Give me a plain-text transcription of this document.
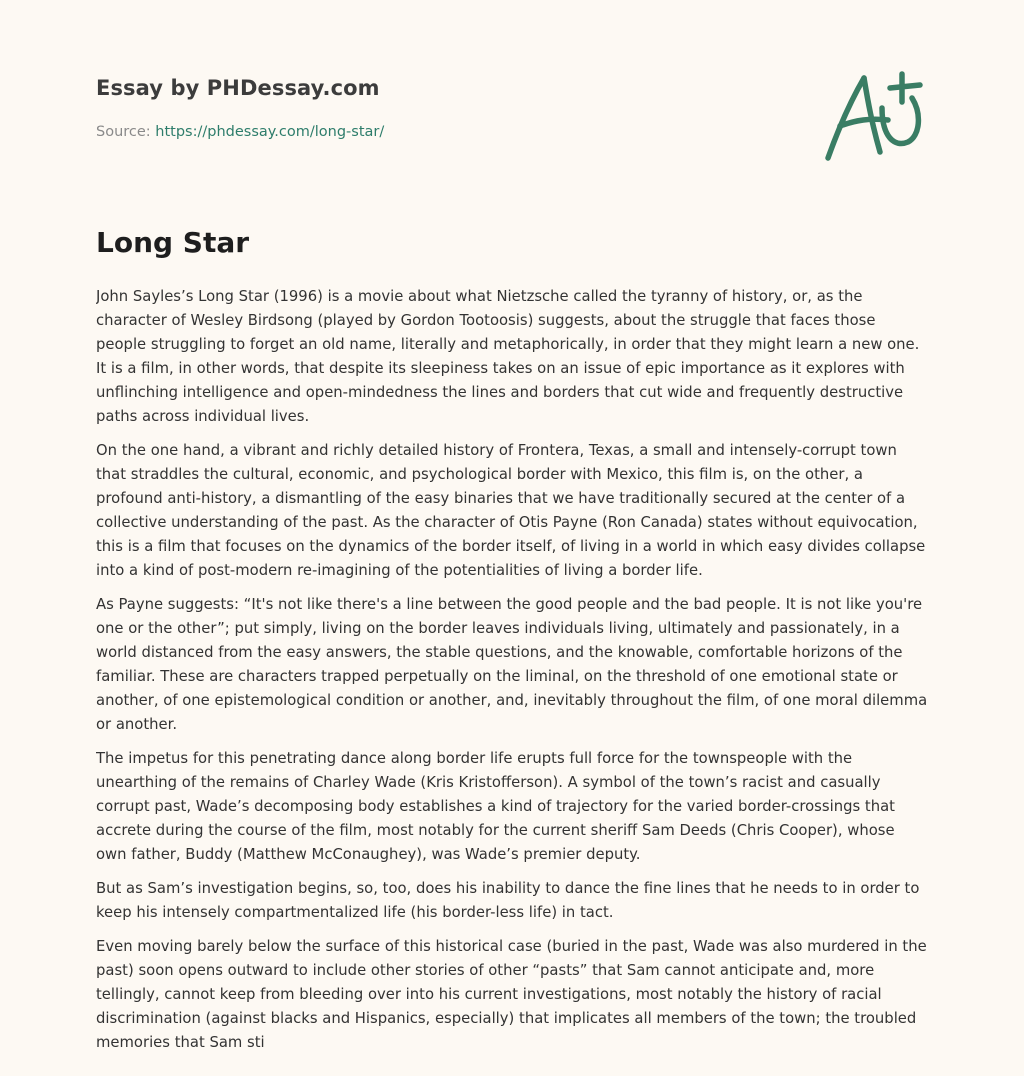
Essay by PHDessay.com
Source: https://phdessay.com/long-star/
Long Star

John Sayles’s Long Star (1996) is a movie about what Nietzsche called the tyranny of history, or, as the character of Wesley Birdsong (played by Gordon Tootoosis) suggests, about the struggle that faces those people struggling to forget an old name, literally and metaphorically, in order that they might learn a new one. It is a film, in other words, that despite its sleepiness takes on an issue of epic importance as it explores with unflinching intelligence and open-mindedness the lines and borders that cut wide and frequently destructive paths across individual lives.

On the one hand, a vibrant and richly detailed history of Frontera, Texas, a small and intensely-corrupt town that straddles the cultural, economic, and psychological border with Mexico, this film is, on the other, a profound anti-history, a dismantling of the easy binaries that we have traditionally secured at the center of a collective understanding of the past. As the character of Otis Payne (Ron Canada) states without equivocation, this is a film that focuses on the dynamics of the border itself, of living in a world in which easy divides collapse into a kind of post-modern re-imagining of the potentialities of living a border life.

As Payne suggests: “It's not like there's a line between the good people and the bad people. It is not like you're one or the other”; put simply, living on the border leaves individuals living, ultimately and passionately, in a world distanced from the easy answers, the stable questions, and the knowable, comfortable horizons of the familiar. These are characters trapped perpetually on the liminal, on the threshold of one emotional state or another, of one epistemological condition or another, and, inevitably throughout the film, of one moral dilemma or another.

The impetus for this penetrating dance along border life erupts full force for the townspeople with the unearthing of the remains of Charley Wade (Kris Kristofferson). A symbol of the town’s racist and casually corrupt past, Wade’s decomposing body establishes a kind of trajectory for the varied border-crossings that accrete during the course of the film, most notably for the current sheriff Sam Deeds (Chris Cooper), whose own father, Buddy (Matthew McConaughey), was Wade’s premier deputy.

But as Sam’s investigation begins, so, too, does his inability to dance the fine lines that he needs to in order to keep his intensely compartmentalized life (his border-less life) in tact.

Even moving barely below the surface of this historical case (buried in the past, Wade was also murdered in the past) soon opens outward to include other stories of other “pasts” that Sam cannot anticipate and, more tellingly, cannot keep from bleeding over into his current investigations, most notably the history of racial discrimination (against blacks and Hispanics, especially) that implicates all members of the town; the troubled memories that Sam sti
